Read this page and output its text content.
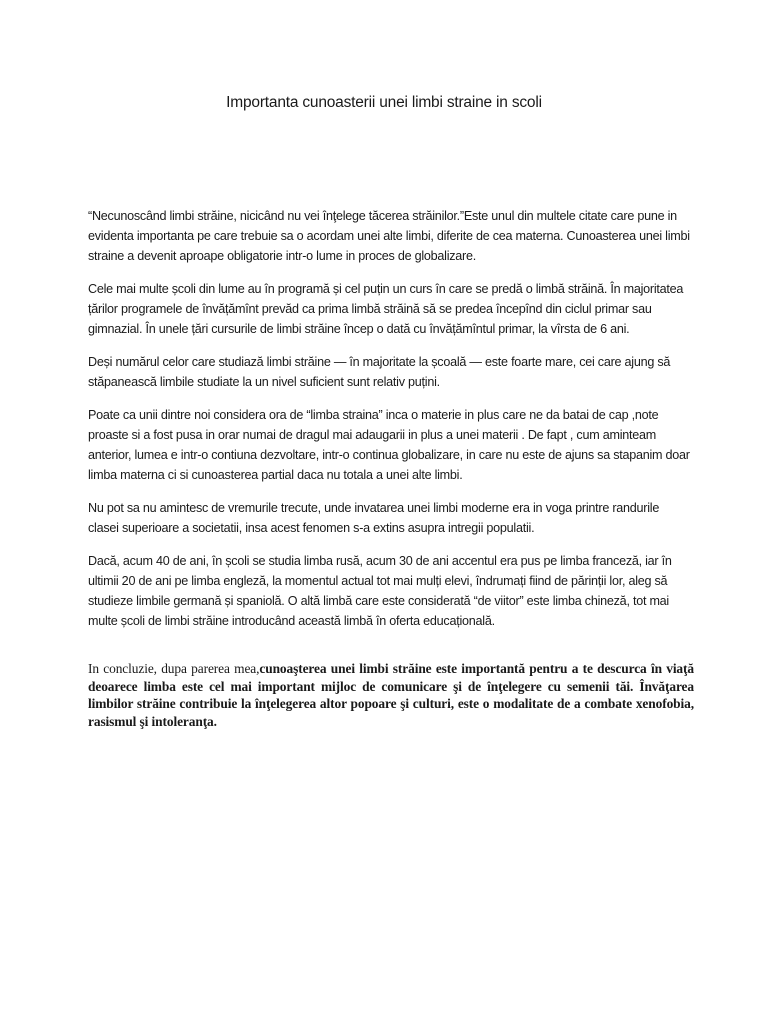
Importanta cunoasterii unei limbi straine in scoli

“Necunoscând limbi străine, nicicând nu vei înţelege tăcerea străinilor.”Este unul din multele citate care pune in evidenta importanta pe care trebuie sa o acordam unei alte limbi, diferite de cea materna. Cunoasterea unei limbi straine a devenit aproape obligatorie intr-o lume in proces de globalizare.

Cele mai multe școli din lume au în programă și cel puțin un curs în care se predă o limbă străină. În majoritatea țărilor programele de învățămînt prevăd ca prima limbă străină să se predea începînd din ciclul primar sau gimnazial. În unele țări cursurile de limbi străine încep o dată cu învățămîntul primar, la vîrsta de 6 ani.

Deși numărul celor care studiază limbi străine — în majoritate la școală — este foarte mare, cei care ajung să stăpanească limbile studiate la un nivel suficient sunt relativ puțini.

Poate ca unii dintre noi considera ora de “limba straina” inca o materie in plus care ne da batai de cap ,note proaste si a fost pusa in orar numai de dragul mai adaugarii in plus a unei materii . De fapt , cum aminteam anterior, lumea e intr-o contiuna dezvoltare, intr-o continua globalizare, in care nu este de ajuns sa stapanim doar limba materna ci si cunoasterea partial daca nu totala a unei alte limbi.

Nu pot sa nu amintesc de vremurile trecute, unde invatarea unei limbi moderne era in voga printre randurile clasei superioare a societatii, insa acest fenomen s-a extins asupra intregii populatii.

Dacă, acum 40 de ani, în școli se studia limba rusă, acum 30 de ani accentul era pus pe limba franceză, iar în ultimii 20 de ani pe limba engleză, la momentul actual tot mai mulți elevi, îndrumați fiind de părinții lor, aleg să studieze limbile germană și spaniolă. O altă limbă care este considerată “de viitor” este limba chineză, tot mai multe școli de limbi străine introducând această limbă în oferta educațională.

In concluzie, dupa parerea mea,cunoaşterea unei limbi străine este importantă pentru a te descurca în viaţă deoarece limba este cel mai important mijloc de comunicare şi de înţelegere cu semenii tăi. Învăţarea limbilor străine contribuie la înţelegerea altor popoare şi culturi, este o modalitate de a combate xenofobia, rasismul şi intoleranţa.
